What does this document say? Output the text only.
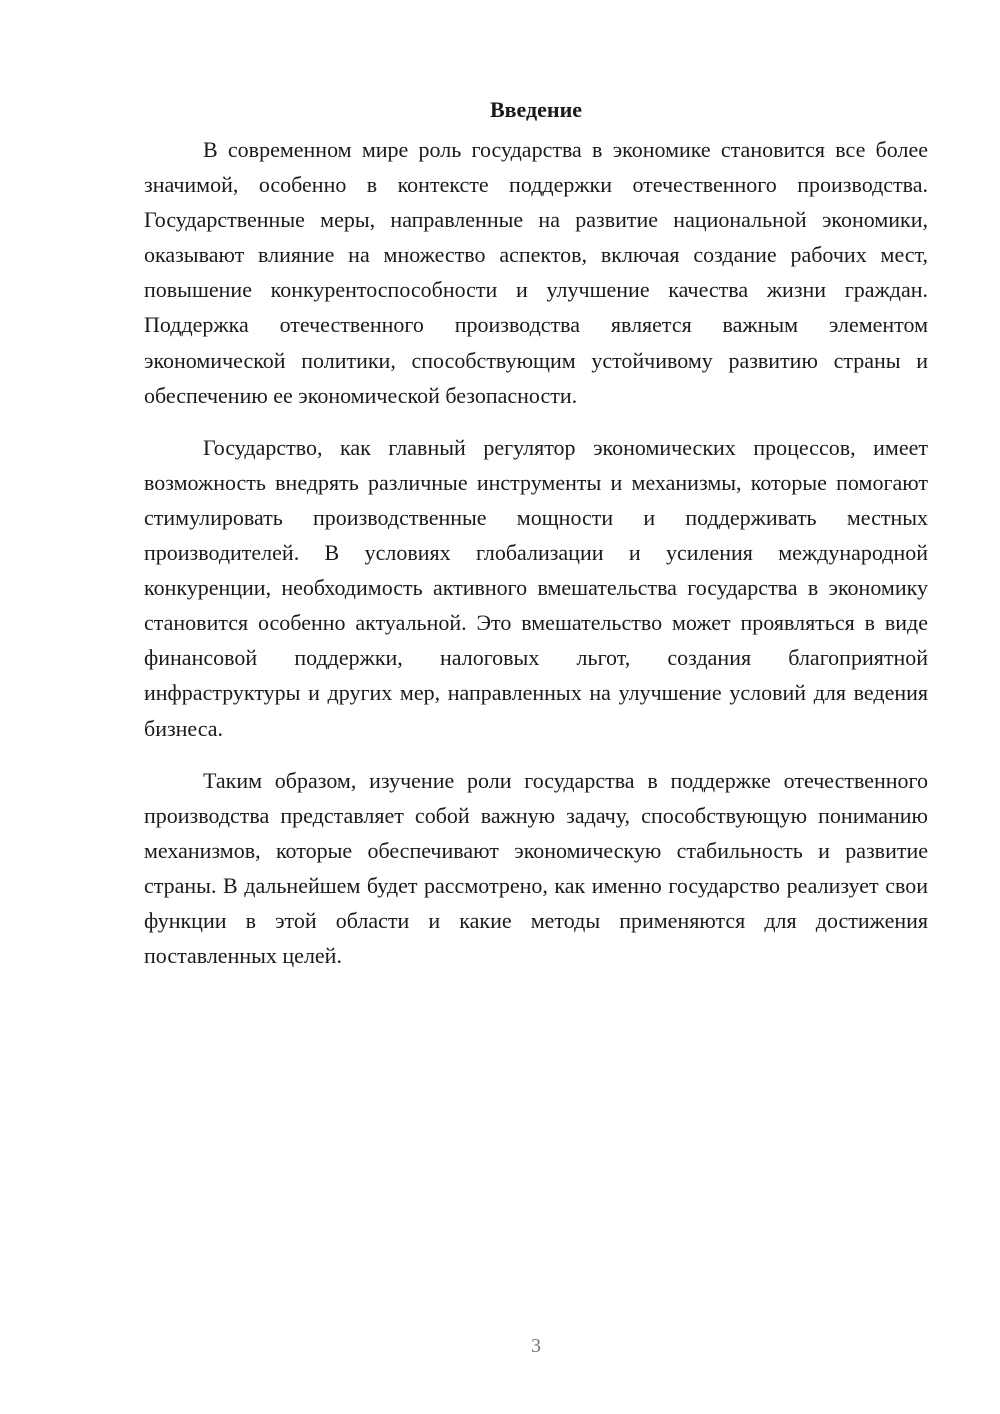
Введение

В современном мире роль государства в экономике становится все более значимой, особенно в контексте поддержки отечественного производства. Государственные меры, направленные на развитие национальной экономики, оказывают влияние на множество аспектов, включая создание рабочих мест, повышение конкурентоспособности и улучшение качества жизни граждан. Поддержка отечественного производства является важным элементом экономической политики, способствующим устойчивому развитию страны и обеспечению ее экономической безопасности.

Государство, как главный регулятор экономических процессов, имеет возможность внедрять различные инструменты и механизмы, которые помогают стимулировать производственные мощности и поддерживать местных производителей. В условиях глобализации и усиления международной конкуренции, необходимость активного вмешательства государства в экономику становится особенно актуальной. Это вмешательство может проявляться в виде финансовой поддержки, налоговых льгот, создания благоприятной инфраструктуры и других мер, направленных на улучшение условий для ведения бизнеса.

Таким образом, изучение роли государства в поддержке отечественного производства представляет собой важную задачу, способствующую пониманию механизмов, которые обеспечивают экономическую стабильность и развитие страны. В дальнейшем будет рассмотрено, как именно государство реализует свои функции в этой области и какие методы применяются для достижения поставленных целей.

3
